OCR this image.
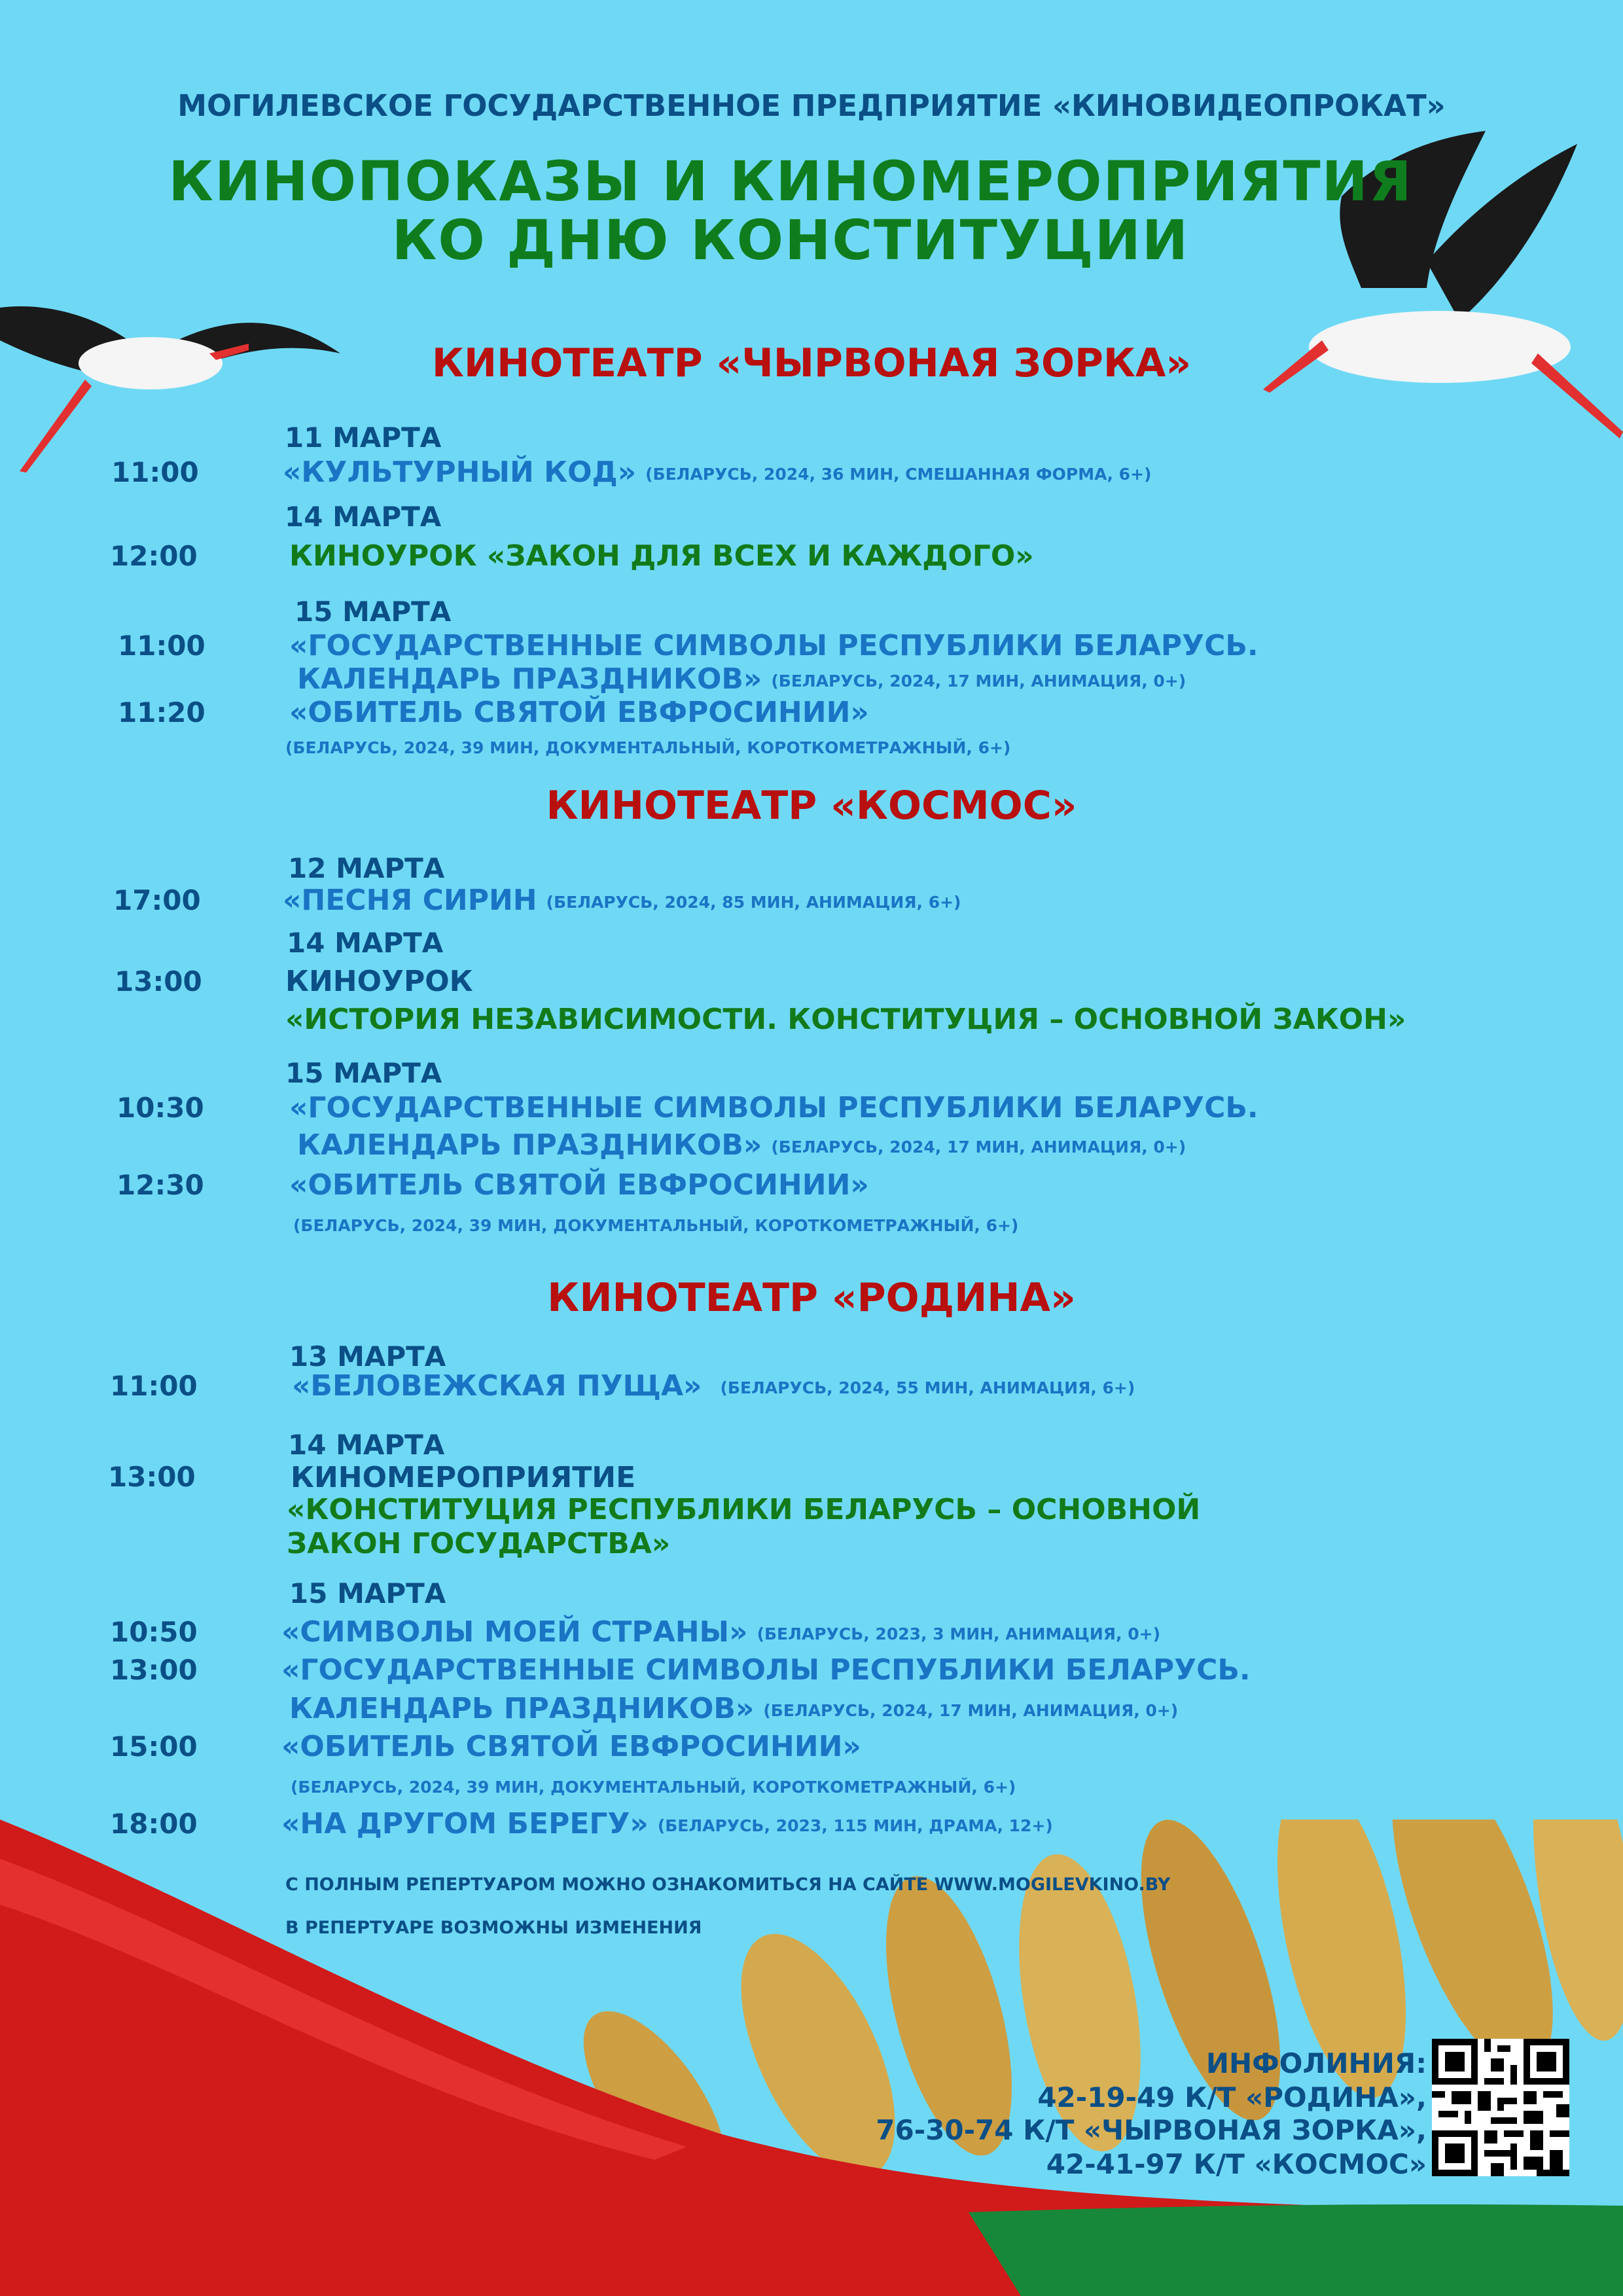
МОГИЛЕВСКОЕ ГОСУДАРСТВЕННОЕ ПРЕДПРИЯТИЕ «КИНОВИДЕОПРОКАТ»
КИНОПОКАЗЫ И КИНОМЕРОПРИЯТИЯ
КО ДНЮ КОНСТИТУЦИИ
КИНОТЕАТР «ЧЫРВОНАЯ ЗОРКА»
11 МАРТА
11:00	«КУЛЬТУРНЫЙ КОД» (БЕЛАРУСЬ, 2024, 36 МИН, СМЕШАННАЯ ФОРМА, 6+)
14 МАРТА
12:00	КИНОУРОК «ЗАКОН ДЛЯ ВСЕХ И КАЖДОГО»
15 МАРТА
11:00	«ГОСУДАРСТВЕННЫЕ СИМВОЛЫ РЕСПУБЛИКИ БЕЛАРУСЬ.
КАЛЕНДАРЬ ПРАЗДНИКОВ» (БЕЛАРУСЬ, 2024, 17 МИН, АНИМАЦИЯ, 0+)
11:20	«ОБИТЕЛЬ СВЯТОЙ ЕВФРОСИНИИ»
(БЕЛАРУСЬ, 2024, 39 МИН, ДОКУМЕНТАЛЬНЫЙ, КОРОТКОМЕТРАЖНЫЙ, 6+)
КИНОТЕАТР «КОСМОС»
12 МАРТА
17:00	«ПЕСНЯ СИРИН (БЕЛАРУСЬ, 2024, 85 МИН, АНИМАЦИЯ, 6+)
14 МАРТА
13:00	КИНОУРОК
«ИСТОРИЯ НЕЗАВИСИМОСТИ. КОНСТИТУЦИЯ – ОСНОВНОЙ ЗАКОН»
15 МАРТА
10:30	«ГОСУДАРСТВЕННЫЕ СИМВОЛЫ РЕСПУБЛИКИ БЕЛАРУСЬ.
КАЛЕНДАРЬ ПРАЗДНИКОВ» (БЕЛАРУСЬ, 2024, 17 МИН, АНИМАЦИЯ, 0+)
12:30	«ОБИТЕЛЬ СВЯТОЙ ЕВФРОСИНИИ»
(БЕЛАРУСЬ, 2024, 39 МИН, ДОКУМЕНТАЛЬНЫЙ, КОРОТКОМЕТРАЖНЫЙ, 6+)
КИНОТЕАТР «РОДИНА»
13 МАРТА
11:00	«БЕЛОВЕЖСКАЯ ПУЩА» (БЕЛАРУСЬ, 2024, 55 МИН, АНИМАЦИЯ, 6+)
14 МАРТА
13:00	КИНОМЕРОПРИЯТИЕ
«КОНСТИТУЦИЯ РЕСПУБЛИКИ БЕЛАРУСЬ – ОСНОВНОЙ
ЗАКОН ГОСУДАРСТВА»
15 МАРТА
10:50	«СИМВОЛЫ МОЕЙ СТРАНЫ» (БЕЛАРУСЬ, 2023, 3 МИН, АНИМАЦИЯ, 0+)
13:00	«ГОСУДАРСТВЕННЫЕ СИМВОЛЫ РЕСПУБЛИКИ БЕЛАРУСЬ.
КАЛЕНДАРЬ ПРАЗДНИКОВ» (БЕЛАРУСЬ, 2024, 17 МИН, АНИМАЦИЯ, 0+)
15:00	«ОБИТЕЛЬ СВЯТОЙ ЕВФРОСИНИИ»
(БЕЛАРУСЬ, 2024, 39 МИН, ДОКУМЕНТАЛЬНЫЙ, КОРОТКОМЕТРАЖНЫЙ, 6+)
18:00	«НА ДРУГОМ БЕРЕГУ» (БЕЛАРУСЬ, 2023, 115 МИН, ДРАМА, 12+)
С ПОЛНЫМ РЕПЕРТУАРОМ МОЖНО ОЗНАКОМИТЬСЯ НА САЙТЕ WWW.MOGILEVKINO.BY
В РЕПЕРТУАРЕ ВОЗМОЖНЫ ИЗМЕНЕНИЯ
ИНФОЛИНИЯ:
42-19-49 К/Т «РОДИНА»,
76-30-74 К/Т «ЧЫРВОНАЯ ЗОРКА»,
42-41-97 К/Т «КОСМОС»
